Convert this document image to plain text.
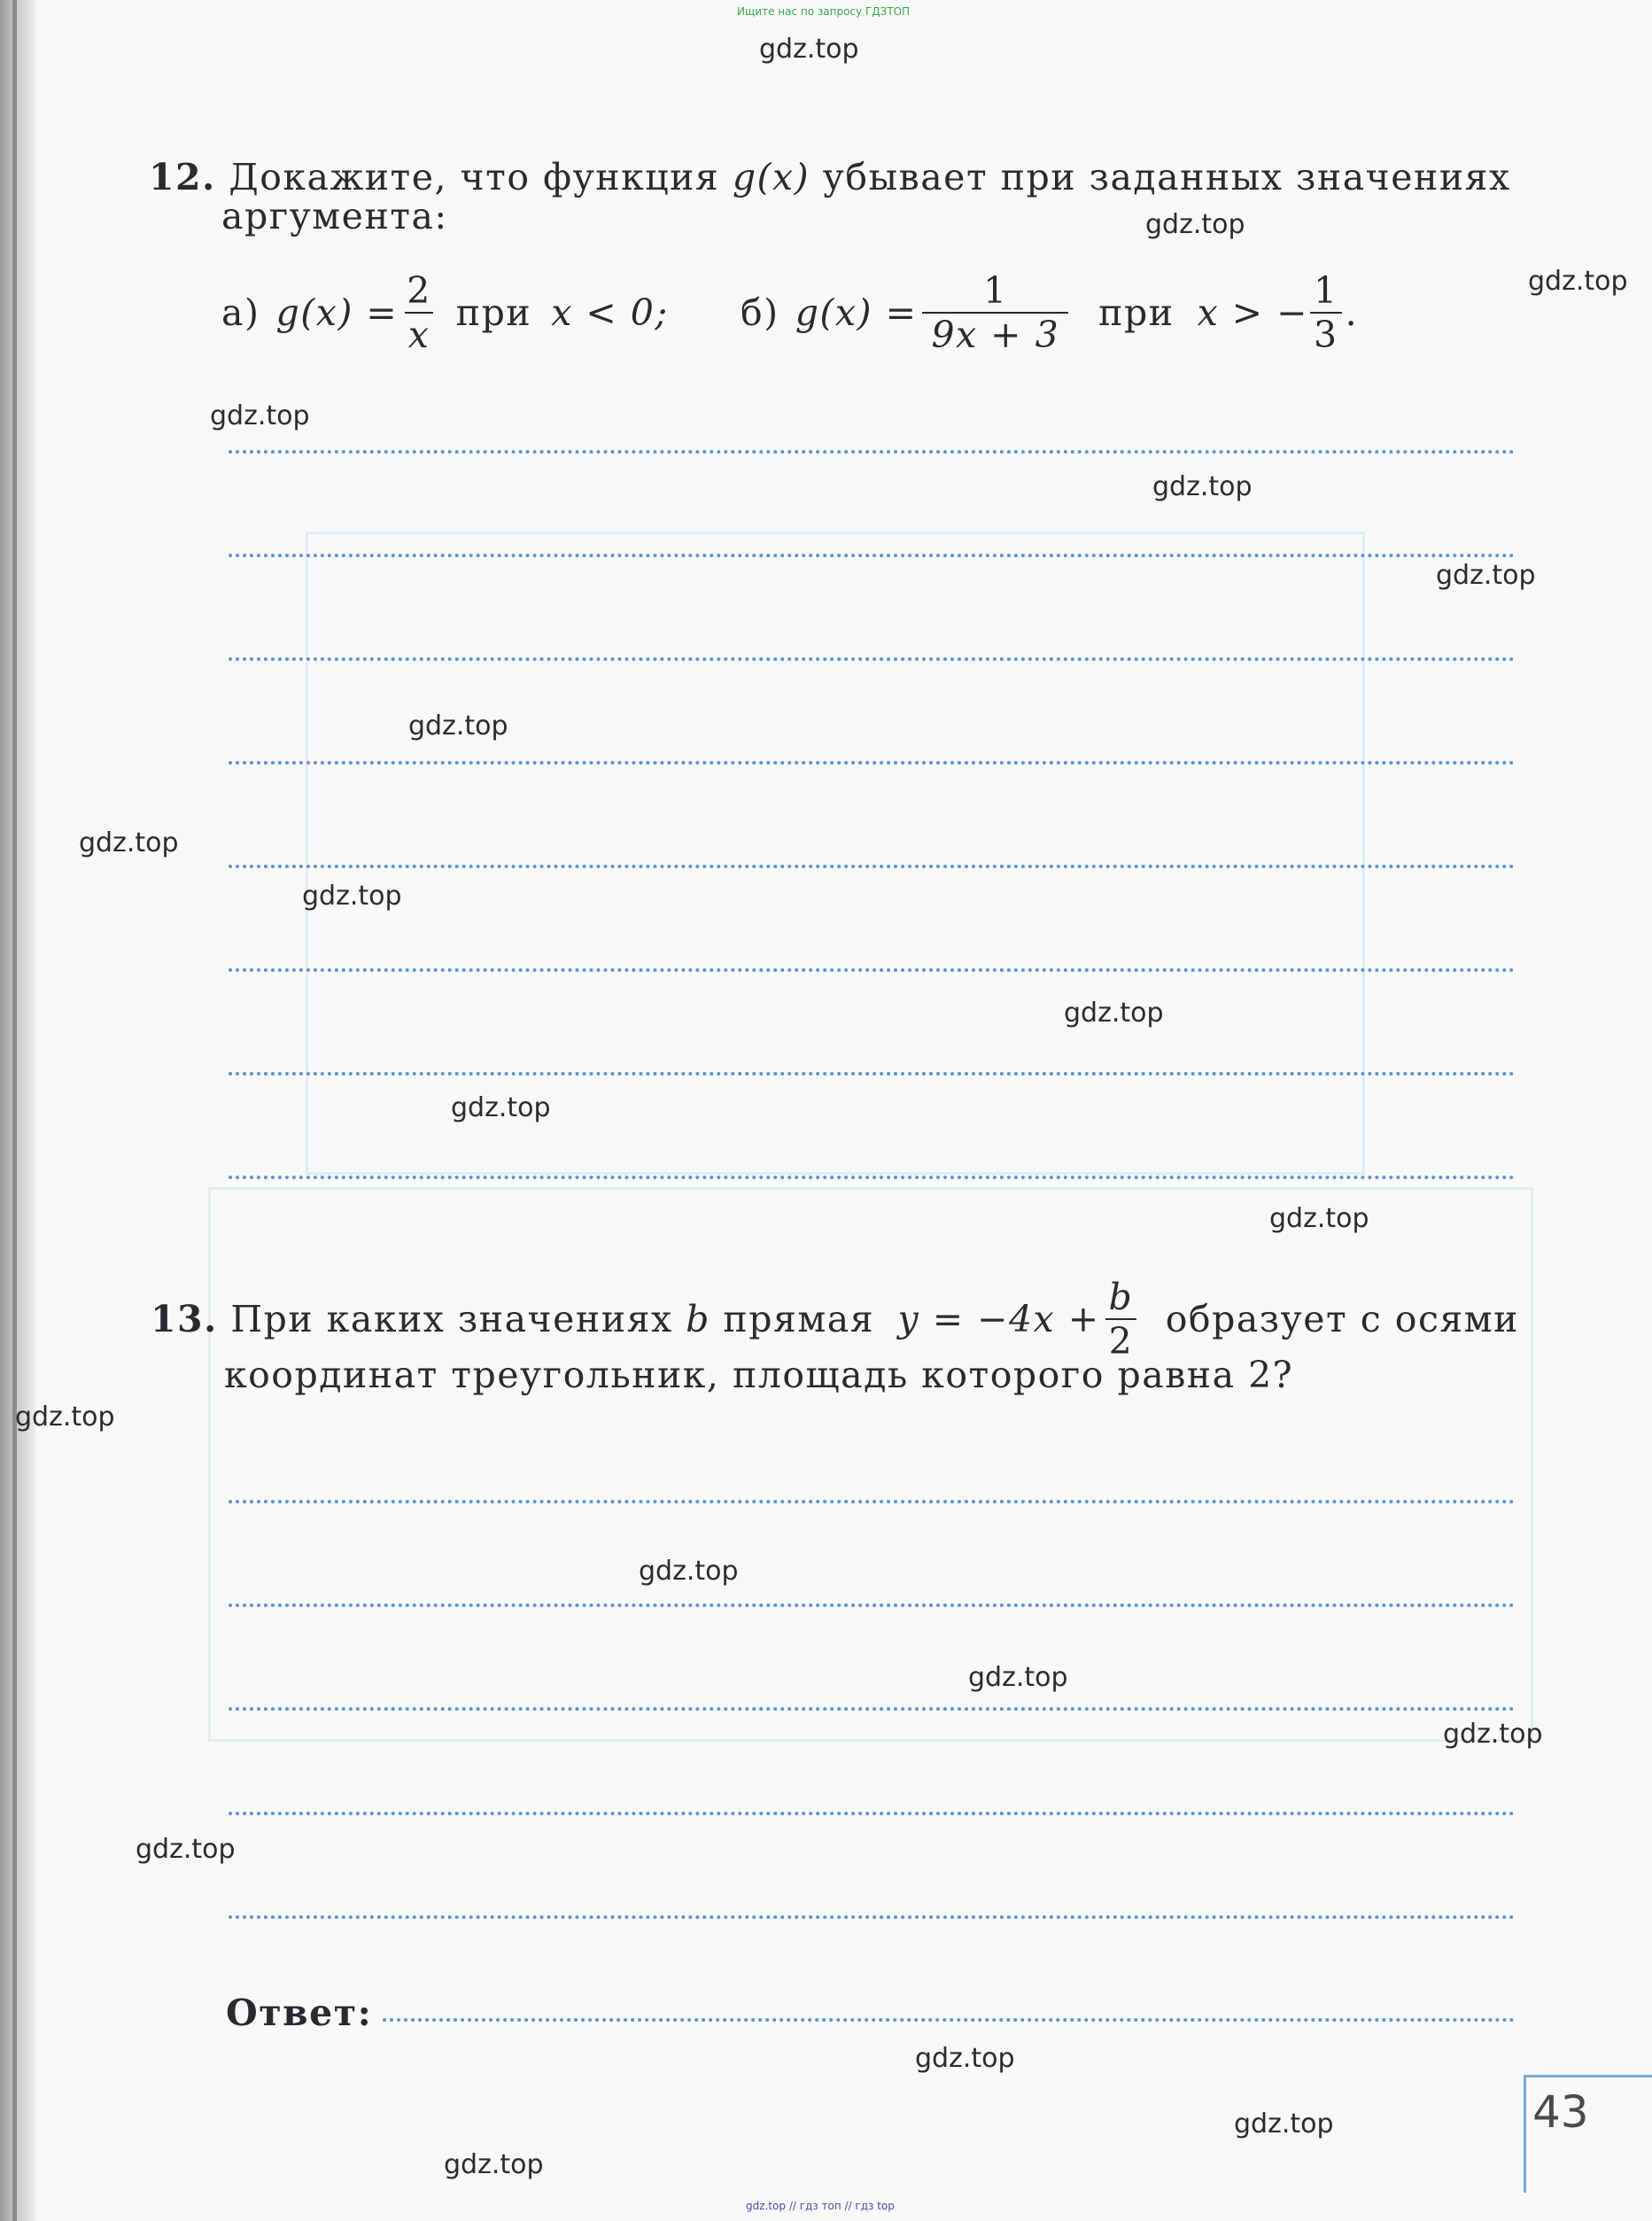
Ищите нас по запросу ГДЗТОП
12. Докажите, что функция g(x) убывает при заданных значениях
аргумента:
а) $g(x) = \frac{2}{x}$ при x < 0; б) $g(x) = \frac{1}{9x + 3}$ при x > − $\frac{1}{3}$ .
13. При каких значениях b прямая $y = -4x + \frac{b}{2}$ образует с осями
координат треугольник, площадь которого равна 2?
Ответ:
43
gdz.top
gdz.top
gdz.top
gdz.top
gdz.top
gdz.top
gdz.top
gdz.top
gdz.top
gdz.top
gdz.top
gdz.top
gdz.top
gdz.top
gdz.top
gdz.top
gdz.top
gdz.top
gdz.top
gdz.top
gdz.top // гдз топ // гдз top
